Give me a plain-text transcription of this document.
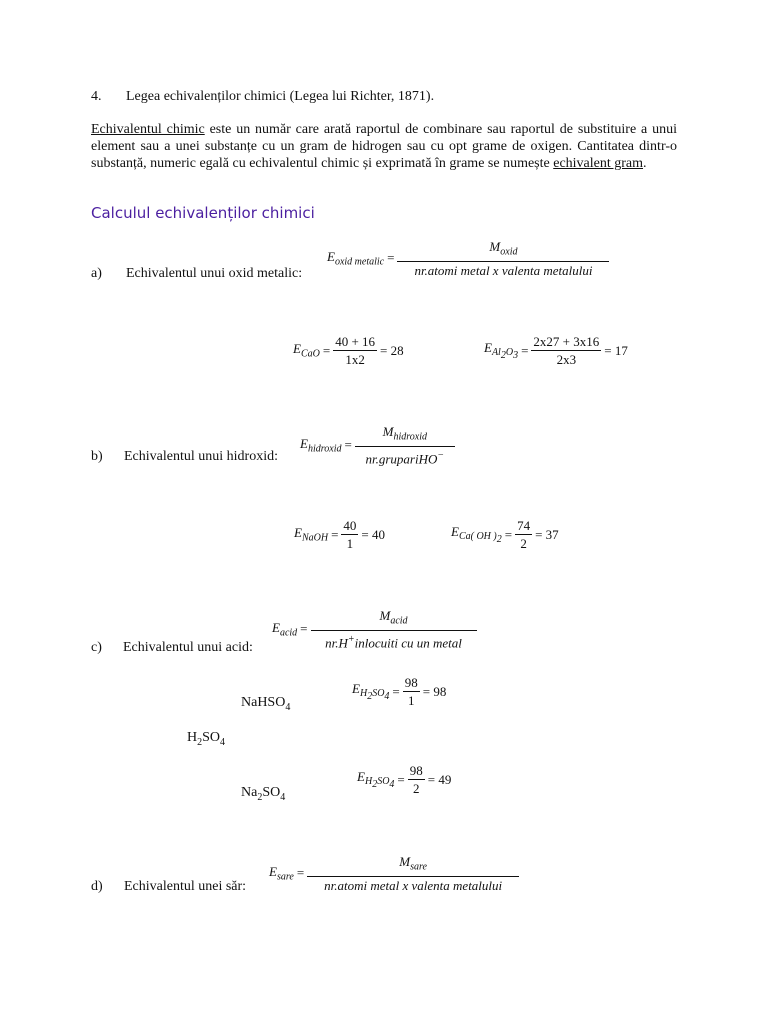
4. Legea echivalenților chimici (Legea lui Richter, 1871).
Echivalentul chimic este un număr care arată raportul de combinare sau raportul de substituire a unui element sau a unei substanțe cu un gram de hidrogen sau cu opt grame de oxigen. Cantitatea dintr-o substanță, numeric egală cu echivalentul chimic și exprimată în grame se numește echivalent gram.
Calculul echivalenților chimici
$E_{oxid metalic} = \frac{M_{oxid}}{\text{nr.atomi metal x valenta metalului}}$
a) Echivalentul unui oxid metalic:
$E_{CaO} = \frac{40 + 16}{1x2} = 28$	$E_{Al_2O_3} = \frac{2x27 + 3x16}{2x3} = 17$
$E_{hidroxid} = \frac{M_{hidroxid}}{nr.grupariHO^-}$
b) Echivalentul unui hidroxid:
$E_{NaOH} = \frac{40}{1} = 40$	$E_{Ca( OH )_2} = \frac{74}{2} = 37$
$E_{acid} = \frac{M_{acid}}{nr.H^+inlocuiti cu un metal}$
c) Echivalentul unui acid:
$E_{H_2SO_4} = \frac{98}{1} = 98$
NaHSO$_4$
$H_2SO_4$
$E_{H_2SO_4} = \frac{98}{2} = 49$
$Na_2SO_4$
$E_{sare} = \frac{M_{sare}}{\text{nr.atomi metal x valenta metalului}}$
d) Echivalentul unei săr:
